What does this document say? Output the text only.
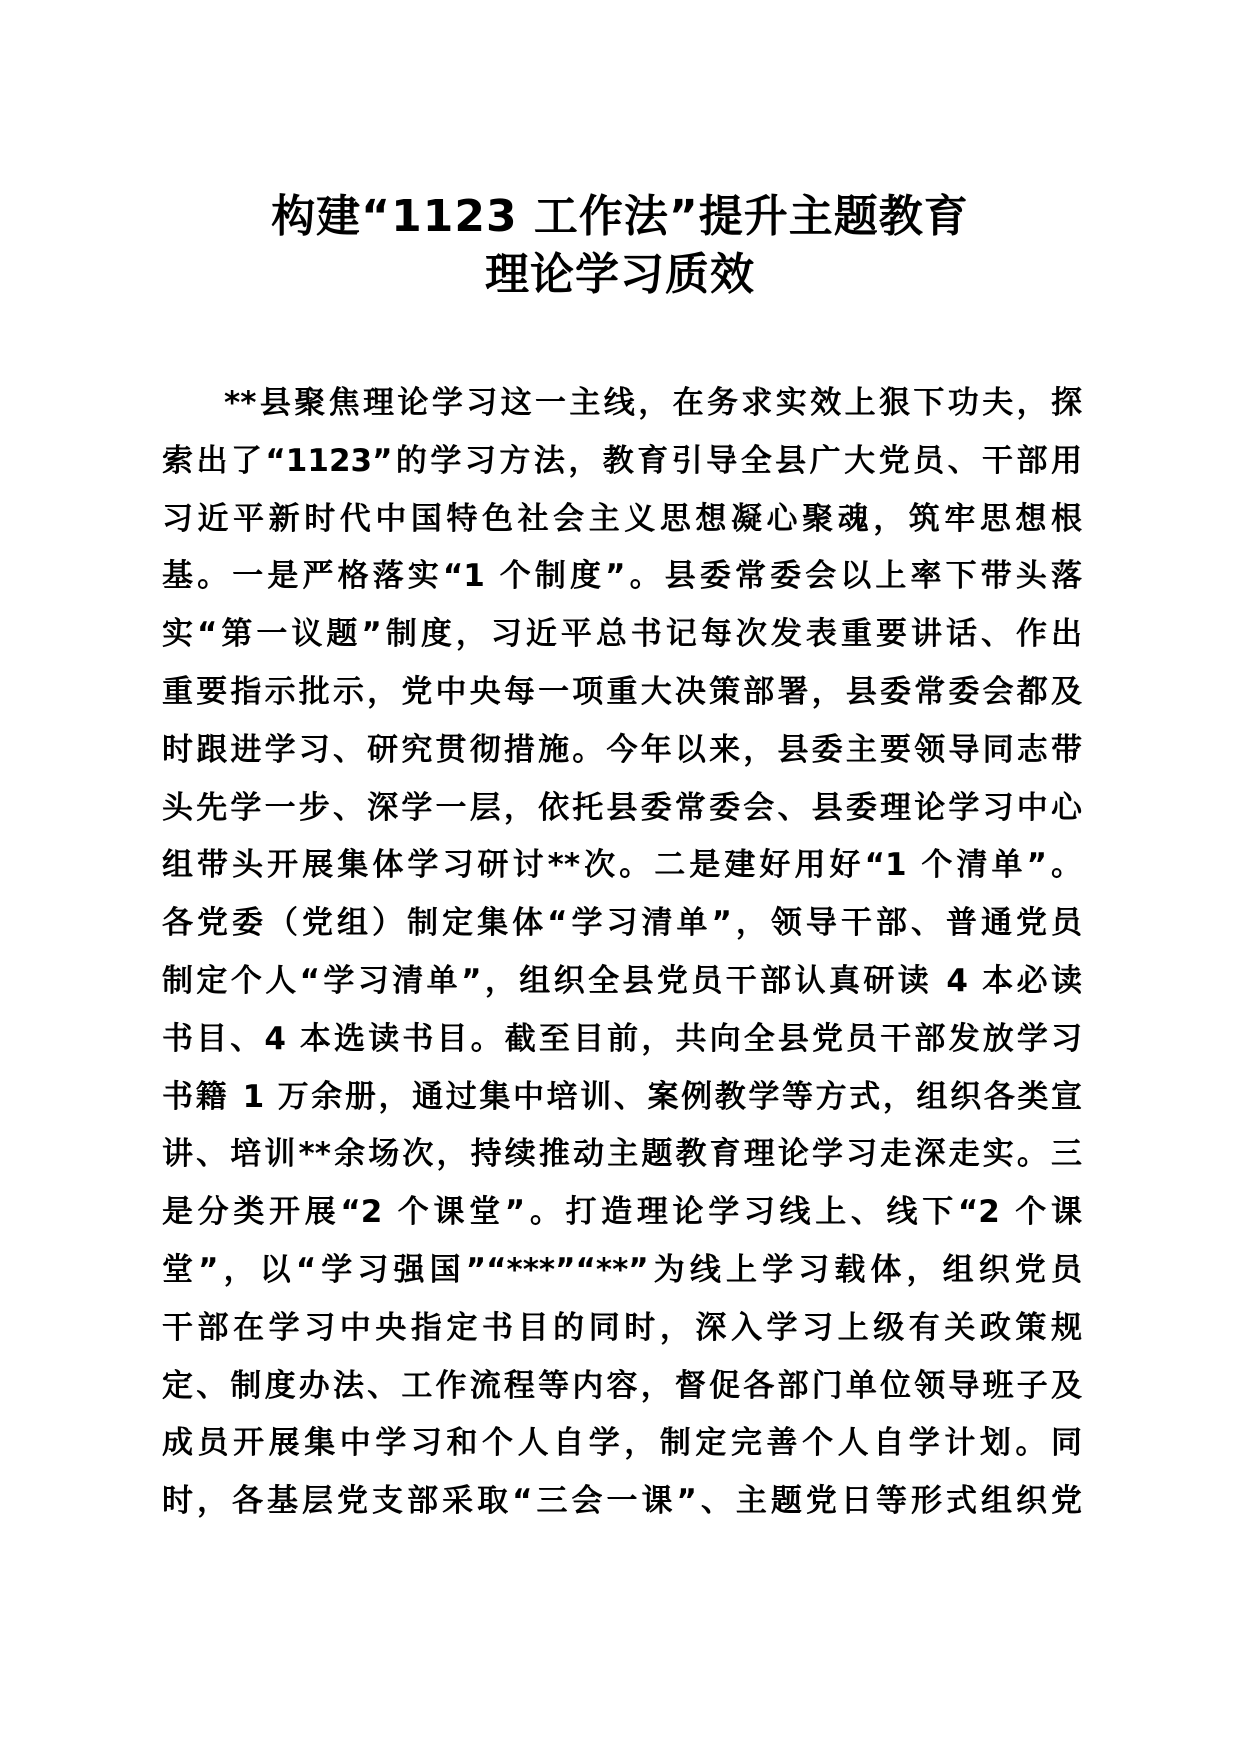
构建“1123 工作法”提升主题教育
理论学习质效
**县聚焦理论学习这一主线，在务求实效上狠下功夫，探
索出了“1123”的学习方法，教育引导全县广大党员、干部用
习近平新时代中国特色社会主义思想凝心聚魂，筑牢思想根
基。一是严格落实“1 个制度”。县委常委会以上率下带头落
实“第一议题”制度，习近平总书记每次发表重要讲话、作出
重要指示批示，党中央每一项重大决策部署，县委常委会都及
时跟进学习、研究贯彻措施。今年以来，县委主要领导同志带
头先学一步、深学一层，依托县委常委会、县委理论学习中心
组带头开展集体学习研讨**次。二是建好用好“1 个清单”。
各党委（党组）制定集体“学习清单”，领导干部、普通党员
制定个人“学习清单”，组织全县党员干部认真研读 4 本必读
书目、4 本选读书目。截至目前，共向全县党员干部发放学习
书籍 1 万余册，通过集中培训、案例教学等方式，组织各类宣
讲、培训**余场次，持续推动主题教育理论学习走深走实。三
是分类开展“2 个课堂”。打造理论学习线上、线下“2 个课
堂”，以“学习强国”“***”“**”为线上学习载体，组织党员
干部在学习中央指定书目的同时，深入学习上级有关政策规
定、制度办法、工作流程等内容，督促各部门单位领导班子及
成员开展集中学习和个人自学，制定完善个人自学计划。同
时，各基层党支部采取“三会一课”、主题党日等形式组织党
